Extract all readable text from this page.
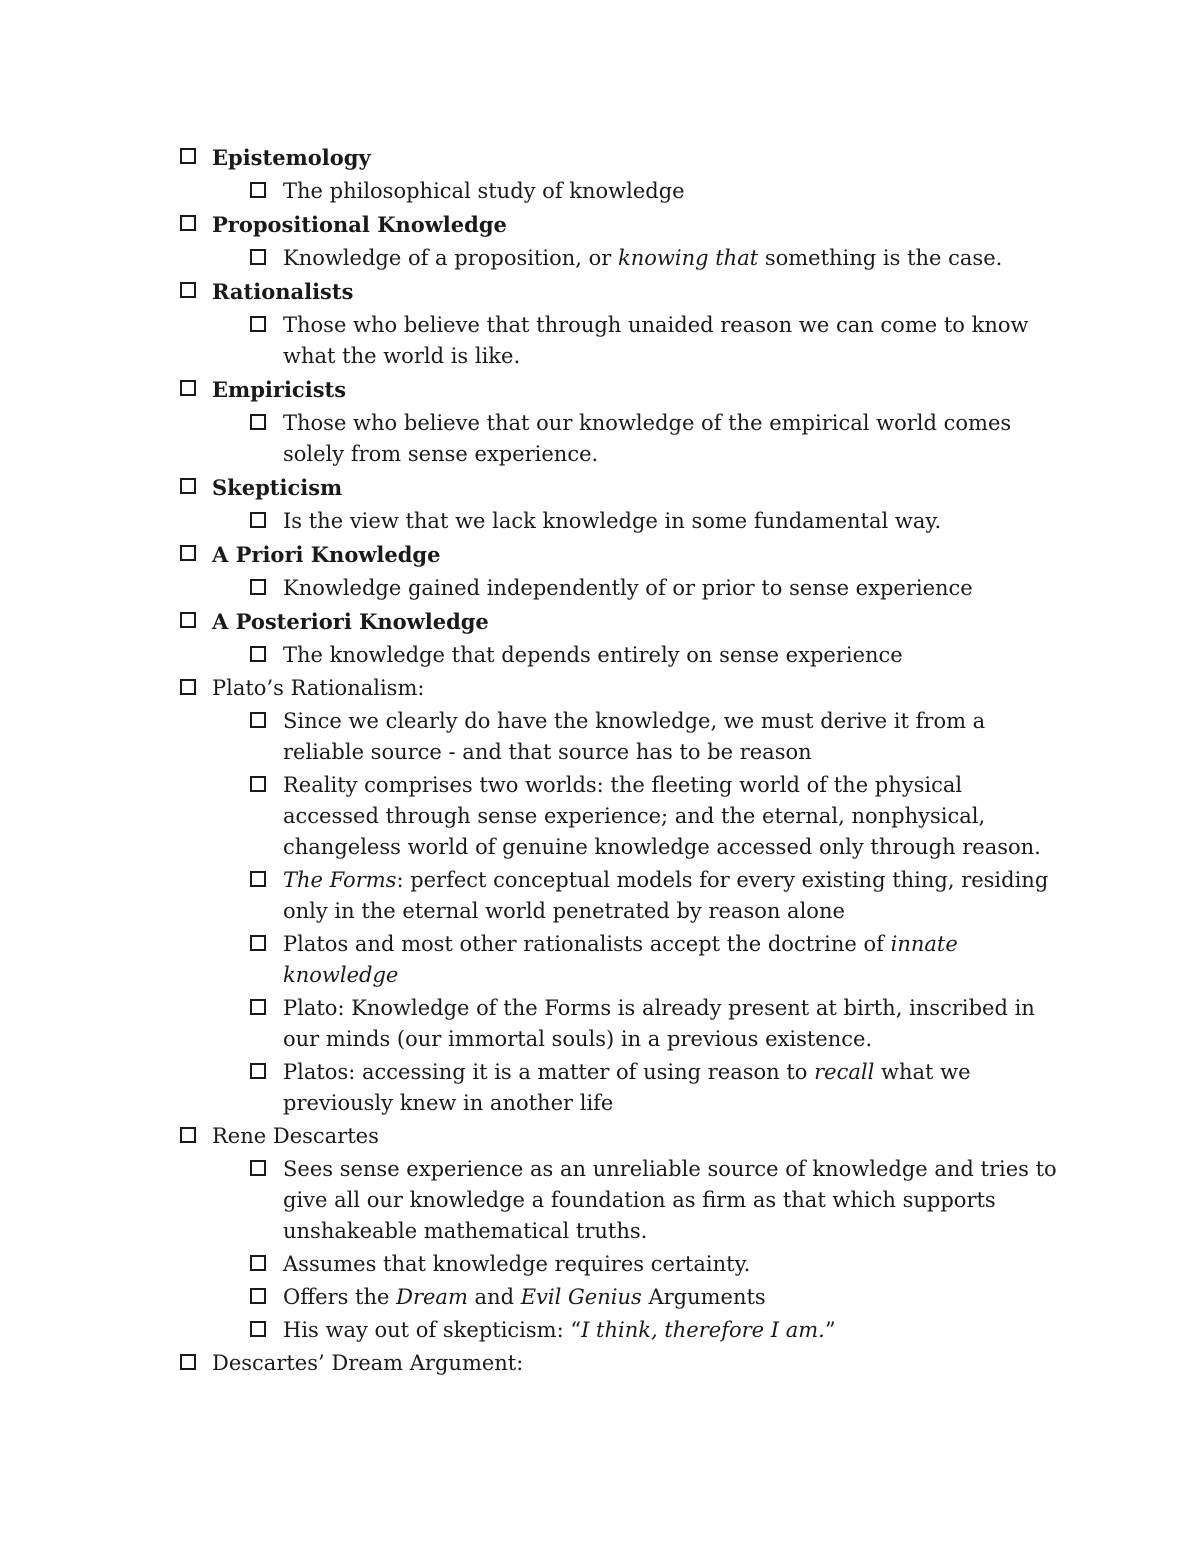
Epistemology
The philosophical study of knowledge
Propositional Knowledge
Knowledge of a proposition, or knowing that something is the case.
Rationalists
Those who believe that through unaided reason we can come to know what the world is like.
Empiricists
Those who believe that our knowledge of the empirical world comes solely from sense experience.
Skepticism
Is the view that we lack knowledge in some fundamental way.
A Priori Knowledge
Knowledge gained independently of or prior to sense experience
A Posteriori Knowledge
The knowledge that depends entirely on sense experience
Plato’s Rationalism:
Since we clearly do have the knowledge, we must derive it from a reliable source - and that source has to be reason
Reality comprises two worlds: the fleeting world of the physical accessed through sense experience; and the eternal, nonphysical, changeless world of genuine knowledge accessed only through reason.
The Forms: perfect conceptual models for every existing thing, residing only in the eternal world penetrated by reason alone
Platos and most other rationalists accept the doctrine of innate knowledge
Plato: Knowledge of the Forms is already present at birth, inscribed in our minds (our immortal souls) in a previous existence.
Platos: accessing it is a matter of using reason to recall what we previously knew in another life
Rene Descartes
Sees sense experience as an unreliable source of knowledge and tries to give all our knowledge a foundation as firm as that which supports unshakeable mathematical truths.
Assumes that knowledge requires certainty.
Offers the Dream and Evil Genius Arguments
His way out of skepticism: “I think, therefore I am.”
Descartes’ Dream Argument:
